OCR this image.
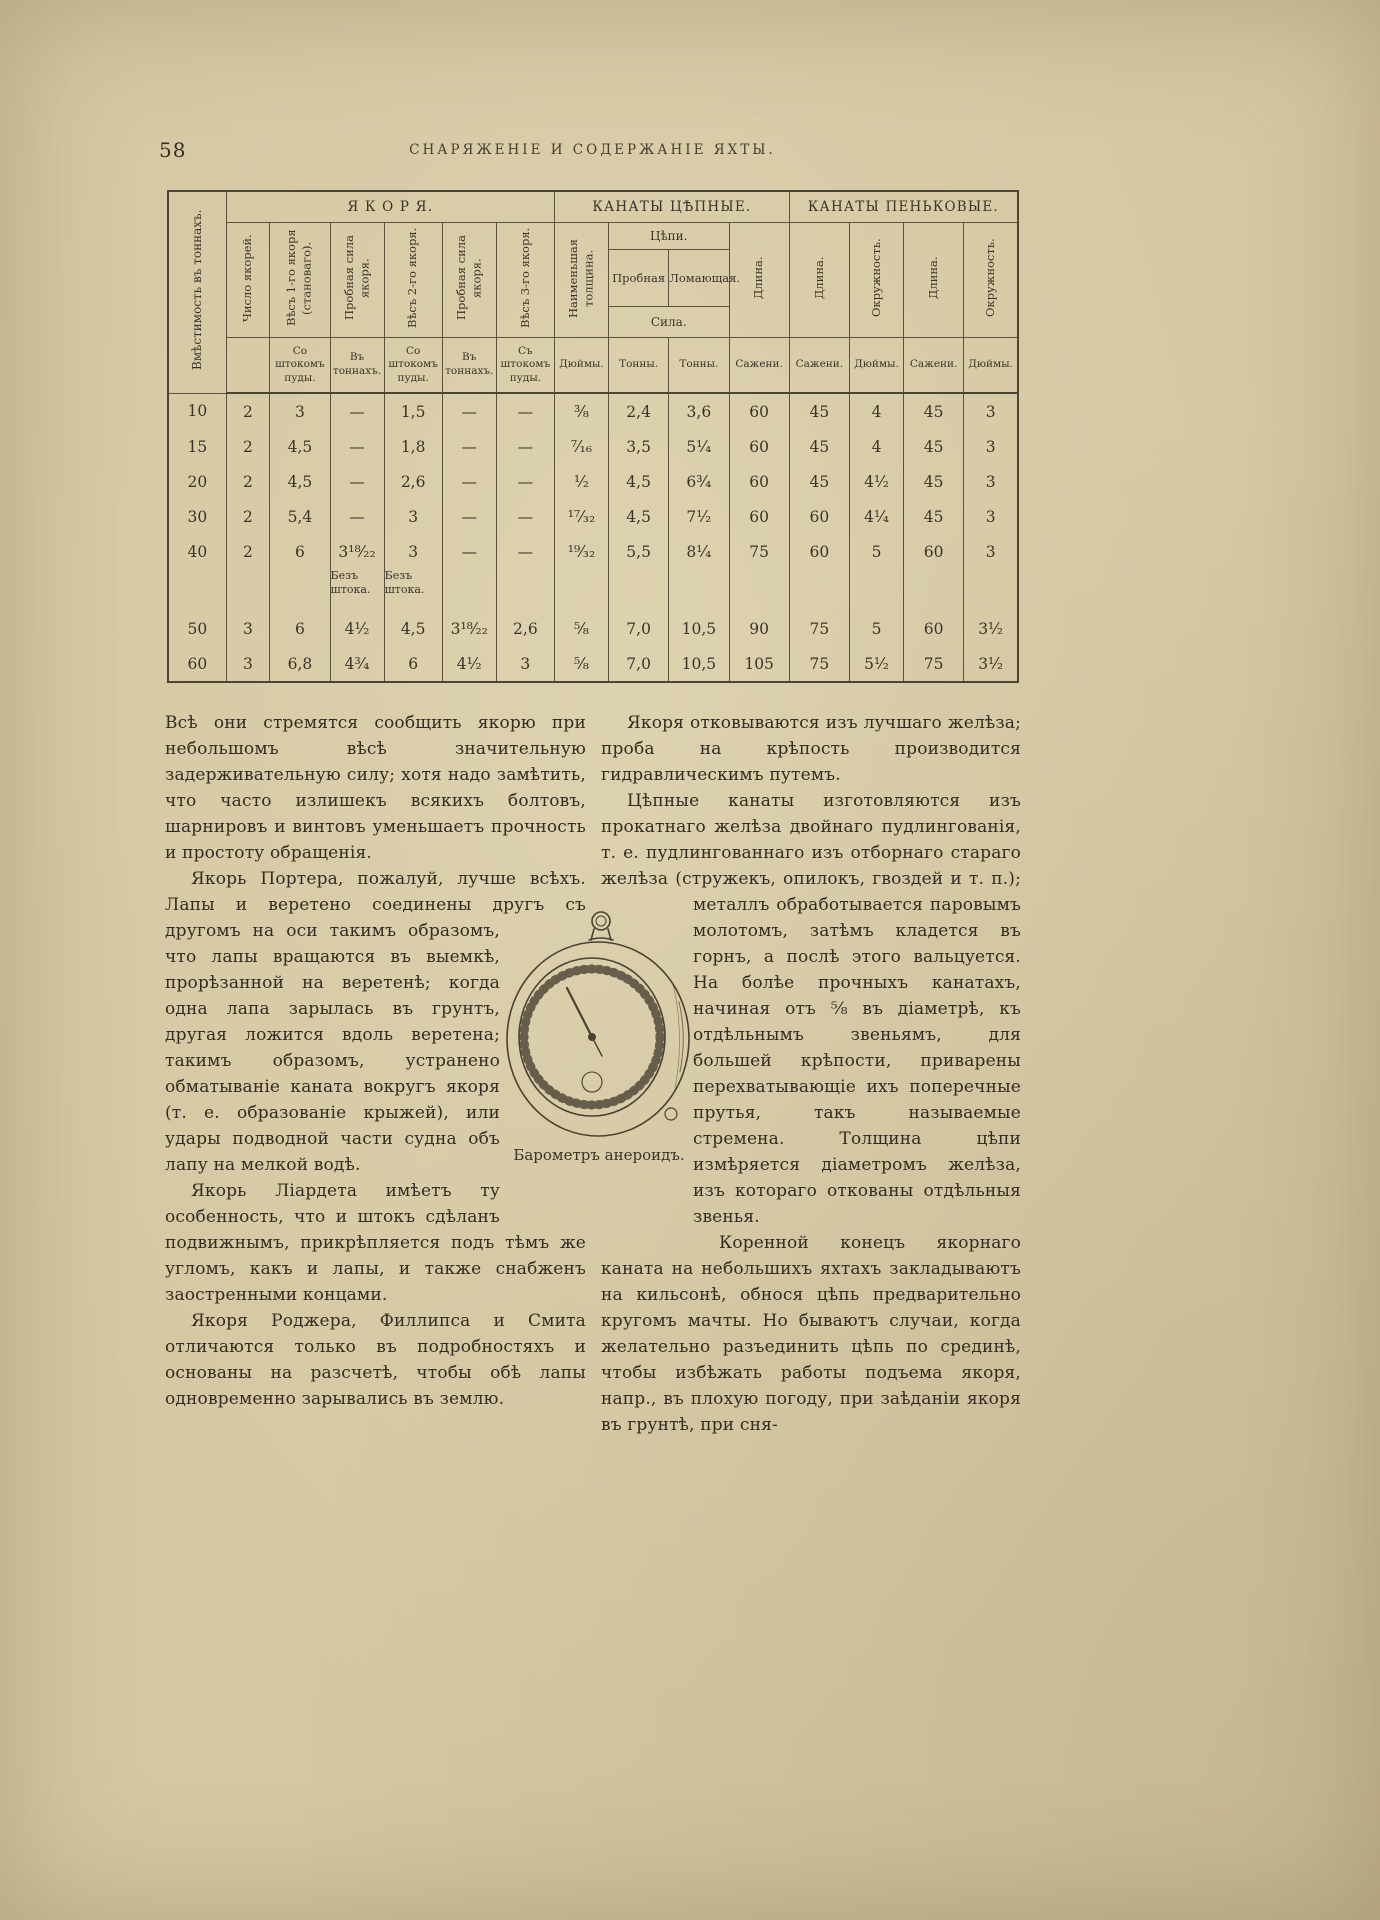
58	СНАРЯЖЕНІЕ И СОДЕРЖАНІЕ ЯХТЫ.
Вмѣстимость въ тоннахъ.	Я К О Р Я.						КАНАТЫ ЦѢПНЫЕ.				КАНАТЫ ПЕНЬКОВЫЕ.			
	Число якорей.	Вѣсъ 1-го якоря (становаго).	Пробная сила якоря.	Вѣсъ 2-го якоря.	Пробная сила якоря.	Вѣсъ 3-го якоря.	Наименьшая толщина.	Цѣпи.		Длина.	Длина.	Окружность.	Длина.	Окружность.
								Пробная	Ломающая.					
								Сила.						
		Со штокомъ пуды.	Въ тоннахъ.	Со штокомъ пуды.	Въ тоннахъ.	Съ штокомъ пуды.	Дюймы.	Тонны.	Тонны.	Сажени.	Сажени.	Дюймы.	Сажени.	Дюймы.
10	2	3	—	1,5	—	—	³⁄₈	2,4	3,6	60	45	4	45	3
15	2	4,5	—	1,8	—	—	⁷⁄₁₆	3,5	5¹⁄₄	60	45	4	45	3
20	2	4,5	—	2,6	—	—	¹⁄₂	4,5	6³⁄₄	60	45	4¹⁄₂	45	3
30	2	5,4	—	3	—	—	¹⁷⁄₃₂	4,5	7¹⁄₂	60	60	4¹⁄₄	45	3
40	2	6	3¹⁸⁄₂₂	3	—	—	¹⁹⁄₃₂	5,5	8¹⁄₄	75	60	5	60	3
			Безъ штока.	Безъ штока.										
50	3	6	4¹⁄₂	4,5	3¹⁸⁄₂₂	2,6	⁵⁄₈	7,0	10,5	90	75	5	60	3¹⁄₂
60	3	6,8	4³⁄₄	6	4¹⁄₂	3	⁵⁄₈	7,0	10,5	105	75	5¹⁄₂	75	3¹⁄₂

Всѣ они стремятся сообщить якорю при небольшомъ вѣсѣ значительную задерживательную силу; хотя надо замѣтить, что часто излишекъ всякихъ болтовъ, шарнировъ и винтовъ уменьшаетъ прочность и простоту обращенія.

Якорь Портера, пожалуй, лучше всѣхъ. Лапы и веретено соединены другъ съ другомъ на оси такимъ образомъ,
что лапы вращаются въ выемкѣ, прорѣзанной на веретенѣ; когда одна лапа зарылась въ грунтъ, другая ложится вдоль веретена; такимъ образомъ, устранено обматываніе каната вокругъ якоря (т. е. образованіе крыжей), или удары подводной части судна объ лапу на мелкой водѣ.

Якорь Ліардета имѣетъ ту особенность, что и штокъ сдѣланъ подвижнымъ, прикрѣпляется подъ тѣмъ же угломъ, какъ и лапы, и также снабженъ заостренными концами.

Якоря Роджера, Филлипса и Смита отличаются только въ подробностяхъ и основаны на разсчетѣ, чтобы обѣ лапы одновременно зарывались въ землю.

Якоря отковываются изъ лучшаго желѣза; проба на крѣпость производится гидравлическимъ путемъ.

Цѣпные канаты изготовляются изъ прокатнаго желѣза двойнаго пудлингованія, т. е. пудлингованнаго изъ отборнаго стараго желѣза (стружекъ, опилокъ, гвоздей и т. п.); металлъ обработывается паровымъ
молотомъ, затѣмъ кладется въ горнъ, а послѣ этого вальцуется. На болѣе прочныхъ канатахъ, начиная отъ ⁵⁄₈ въ діаметрѣ, къ отдѣльнымъ звеньямъ, для большей крѣпости, приварены перехватывающіе ихъ поперечные прутья, такъ называемые стремена. Толщина цѣпи измѣряется діаметромъ желѣза, изъ котораго откованы отдѣльныя звенья.

Коренной конецъ якорнаго каната на небольшихъ яхтахъ закладываютъ на кильсонѣ, обнося цѣпь предварительно кругомъ мачты. Но бываютъ случаи, когда желательно разъединить цѣпь по срединѣ, чтобы избѣжать работы подъема якоря, напр., въ плохую погоду, при заѣданіи якоря въ грунтѣ, при сня-

Барометръ анероидъ.
